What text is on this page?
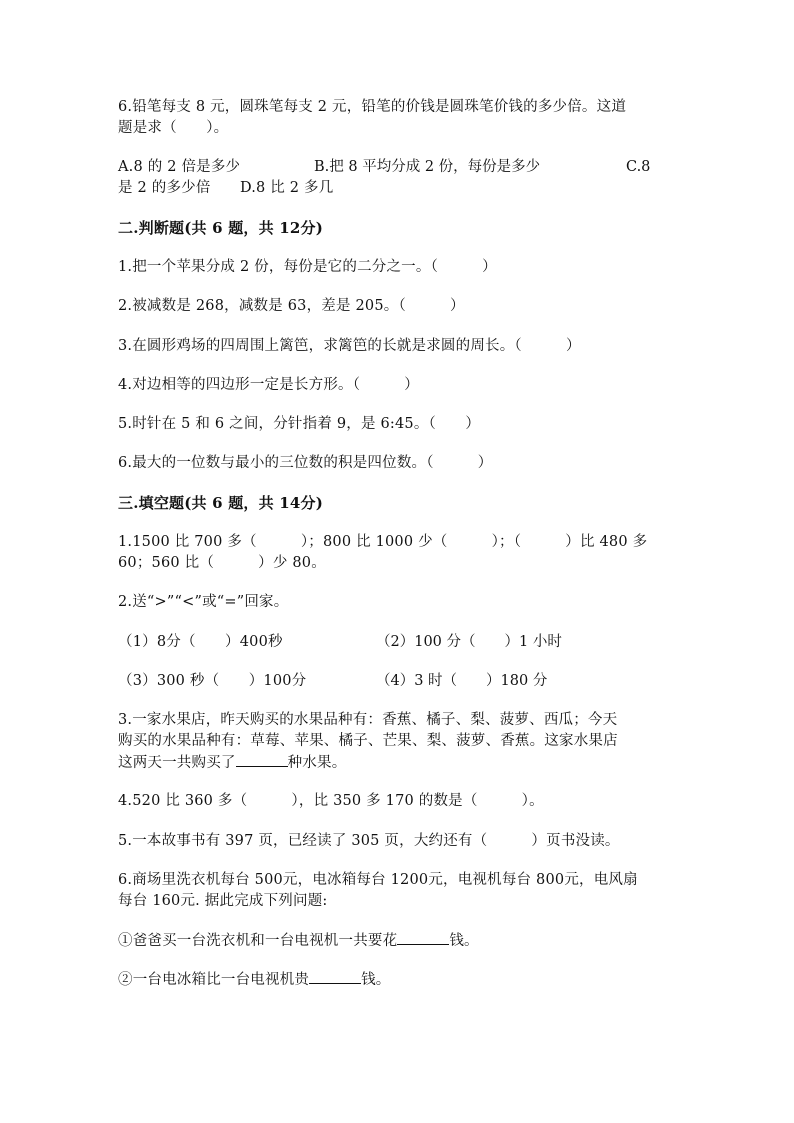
6.铅笔每支 8 元，圆珠笔每支 2 元，铅笔的价钱是圆珠笔价钱的多少倍。这道
题是求（　　）。
A.8 的 2 倍是多少	B.把 8 平均分成 2 份，每份是多少	C.8
是 2 的多少倍　　D.8 比 2 多几
二.判断题(共 6 题，共 12分)
1.把一个苹果分成 2 份，每份是它的二分之一。（　　　）
2.被减数是 268，减数是 63，差是 205。（　　　）
3.在圆形鸡场的四周围上篱笆，求篱笆的长就是求圆的周长。（　　　）
4.对边相等的四边形一定是长方形。（　　　）
5.时针在 5 和 6 之间，分针指着 9，是 6:45。（　　）
6.最大的一位数与最小的三位数的积是四位数。（　　　）
三.填空题(共 6 题，共 14分)
1.1500 比 700 多（　　　）；800 比 1000 少（　　　）；（　　　）比 480 多
60；560 比（　　　）少 80。
2.送“>”“<”或“=”回家。
（1）8分（　　）400秒	（2）100 分（　　）1 小时
（3）300 秒（　　）100分	（4）3 时（　　）180 分
3.一家水果店，昨天购买的水果品种有：香蕉、橘子、梨、菠萝、西瓜；今天
购买的水果品种有：草莓、苹果、橘子、芒果、梨、菠萝、香蕉。这家水果店
这两天一共购买了	种水果。
4.520 比 360 多（　　　），比 350 多 170 的数是（　　　）。
5.一本故事书有 397 页，已经读了 305 页，大约还有（　　　）页书没读。
6.商场里洗衣机每台 500元，电冰箱每台 1200元，电视机每台 800元，电风扇
每台 160元. 据此完成下列问题:
①爸爸买一台洗衣机和一台电视机一共要花	钱。
②一台电冰箱比一台电视机贵	钱。
